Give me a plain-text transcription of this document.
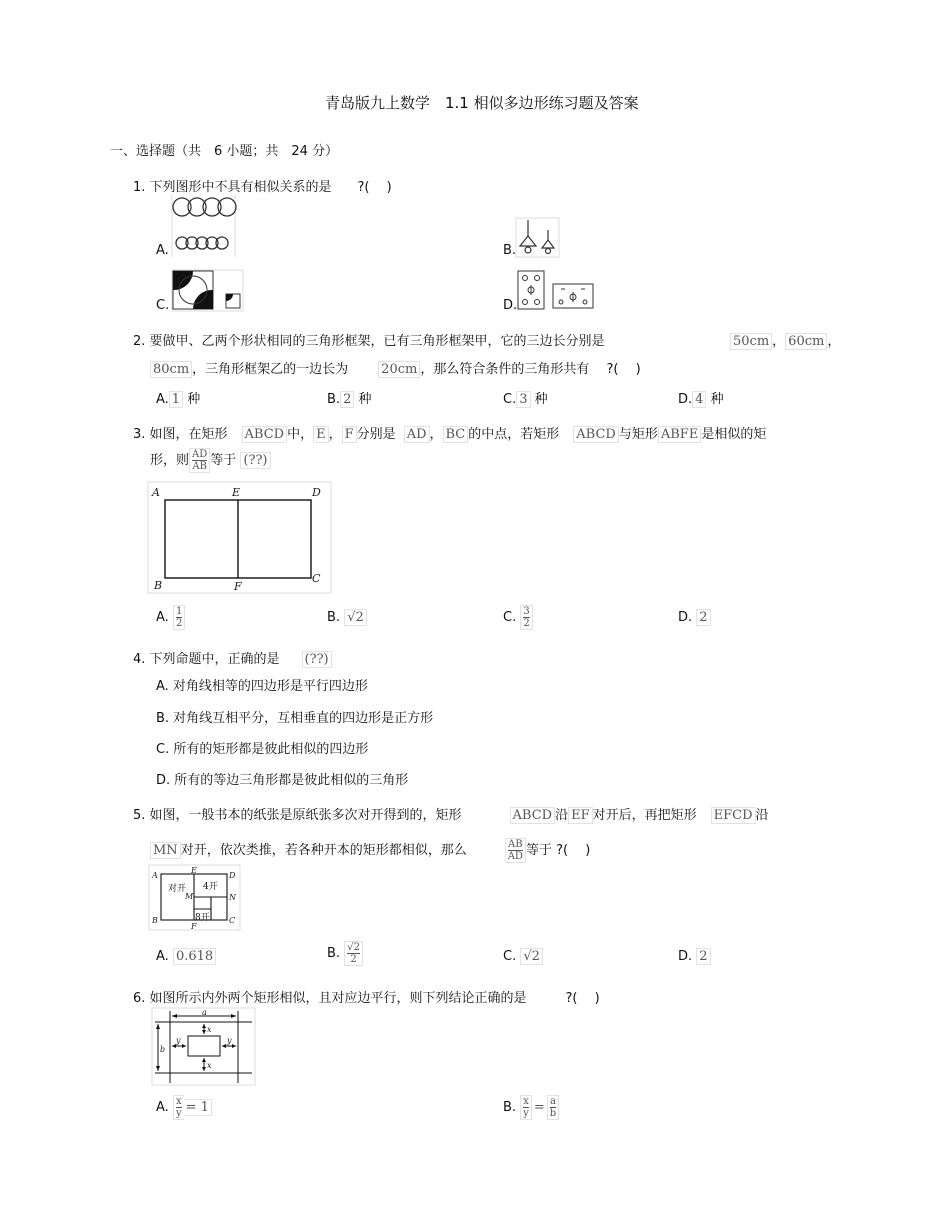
青岛版九上数学　1.1 相似多边形练习题及答案
一、选择题（共　6 小题；共　24 分）
1. 下列图形中不具有相似关系的是　　?(　 )
A.	B.
C.	D.
2. 要做甲、乙两个形状相同的三角形框架，已有三角形框架甲，它的三边长分别是	50cm ， 60cm ，
80cm ，三角形框架乙的一边长为	20cm ，那么符合条件的三角形共有　 ?(　 )
A. 1 种	B. 2 种	C. 3 种	D. 4 种
3. 如图，在矩形 ABCD 中， E ， F 分别是 AD ， BC 的中点，若矩形 ABCD 与矩形 ABFE 是相似的矩
形，则 $\frac{AD}{AB}$ 等于 (??)
A	E	D
B	F
C
A. $\frac{1}{2}$	B. √2	C. $\frac{3}{2}$	D. 2
4. 下列命题中，正确的是 (??)
A. 对角线相等的四边形是平行四边形
B. 对角线互相平分，互相垂直的四边形是正方形
C. 所有的矩形都是彼此相似的四边形
D. 所有的等边三角形都是彼此相似的三角形
5. 如图，一般书本的纸张是原纸张多次对开得到的，矩形	ABCD 沿 EF 对开后，再把矩形 EFCD 沿
MN 对开，依次类推，若各种开本的矩形都相似，那么	$\frac{AB}{AD}$ 等于 ?(　 )
A
E
D
M	N
B
F
C
对开 4开
8开
A. 0.618	B. $\frac{√2}{2}$	C. √2	D. 2
6. 如图所示内外两个矩形相似，且对应边平行，则下列结论正确的是　　　?(　 )
a
b
x
x
y	y
A. $\frac{x}{y} = 1$	B. $\frac{x}{y} = \frac{a}{b}$
